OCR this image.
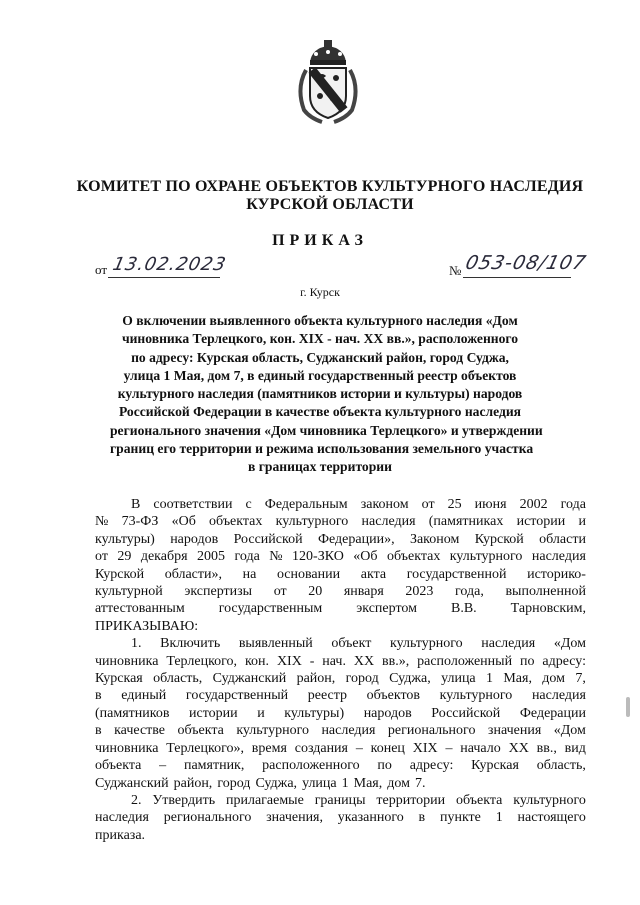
КОМИТЕТ ПО ОХРАНЕ ОБЪЕКТОВ КУЛЬТУРНОГО НАСЛЕДИЯ
КУРСКОЙ ОБЛАСТИ
ПРИКАЗ
от 13.02.2023	№ 053-08/107
г. Курск
О включении выявленного объекта культурного наследия «Дом
чиновника Терлецкого, кон. XIX - нач. XX вв.», расположенного
по адресу: Курская область, Суджанский район, город Суджа,
улица 1 Мая, дом 7, в единый государственный реестр объектов
культурного наследия (памятников истории и культуры) народов
Российской Федерации в качестве объекта культурного наследия
регионального значения «Дом чиновника Терлецкого» и утверждении
границ его территории и режима использования земельного участка
в границах территории
В соответствии с Федеральным законом от 25 июня 2002 года
№ 73-ФЗ «Об объектах культурного наследия (памятниках истории и
культуры) народов Российской Федерации», Законом Курской области
от 29 декабря 2005 года № 120-ЗКО «Об объектах культурного наследия
Курской области», на основании акта государственной историко-
культурной экспертизы от 20 января 2023 года, выполненной
аттестованным государственным экспертом В.В. Тарновским,
ПРИКАЗЫВАЮ:
1. Включить выявленный объект культурного наследия «Дом
чиновника Терлецкого, кон. XIX - нач. XX вв.», расположенный по адресу:
Курская область, Суджанский район, город Суджа, улица 1 Мая, дом 7,
в единый государственный реестр объектов культурного наследия
(памятников истории и культуры) народов Российской Федерации
в качестве объекта культурного наследия регионального значения «Дом
чиновника Терлецкого», время создания – конец XIX – начало XX вв., вид
объекта – памятник, расположенного по адресу: Курская область,
Суджанский район, город Суджа, улица 1 Мая, дом 7.
2. Утвердить прилагаемые границы территории объекта культурного
наследия регионального значения, указанного в пункте 1 настоящего
приказа.
